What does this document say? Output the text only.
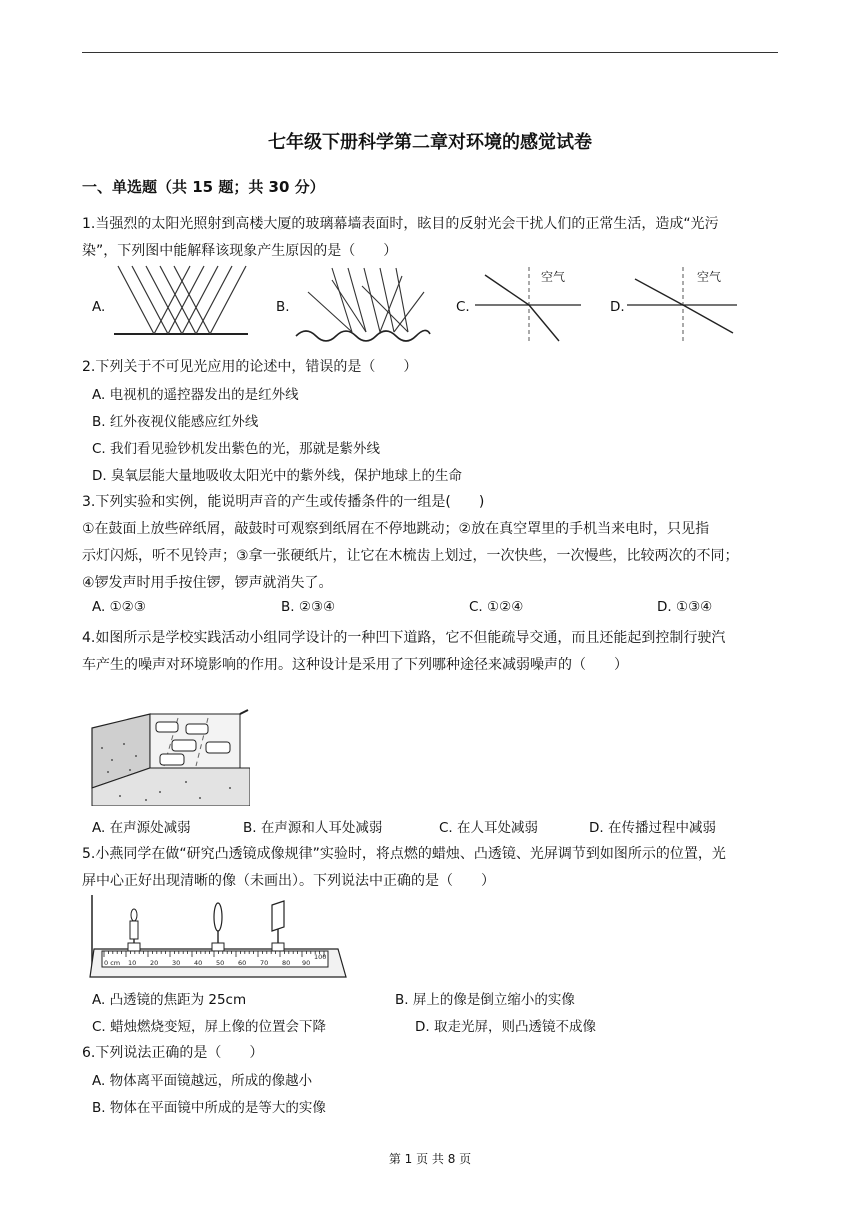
七年级下册科学第二章对环境的感觉试卷
一、单选题（共 15 题；共 30 分）
1.当强烈的太阳光照射到高楼大厦的玻璃幕墙表面时，眩目的反射光会干扰人们的正常生活，造成“光污
染”，下列图中能解释该现象产生原因的是（　　）
A.	B.	C.
空气
D.
空气
2.下列关于不可见光应用的论述中，错误的是（　　）
A. 电视机的遥控器发出的是红外线
B. 红外夜视仪能感应红外线
C. 我们看见验钞机发出紫色的光，那就是紫外线
D. 臭氧层能大量地吸收太阳光中的紫外线，保护地球上的生命
3.下列实验和实例，能说明声音的产生或传播条件的一组是(　　)
①在鼓面上放些碎纸屑，敲鼓时可观察到纸屑在不停地跳动；②放在真空罩里的手机当来电时，只见指
示灯闪烁，听不见铃声；③拿一张硬纸片，让它在木梳齿上划过，一次快些，一次慢些，比较两次的不同；
④锣发声时用手按住锣，锣声就消失了。
A. ①②③	B. ②③④	C. ①②④	D. ①③④
4.如图所示是学校实践活动小组同学设计的一种凹下道路，它不但能疏导交通，而且还能起到控制行驶汽
车产生的噪声对环境影响的作用。这种设计是采用了下列哪种途径来减弱噪声的（　　）
A. 在声源处减弱	B. 在声源和人耳处减弱	C. 在人耳处减弱	D. 在传播过程中减弱
5.小燕同学在做“研究凸透镜成像规律”实验时，将点燃的蜡烛、凸透镜、光屏调节到如图所示的位置，光
屏中心正好出现清晰的像（未画出）。下列说法中正确的是（　　）
0 cm 10 20 30 40 50 60 70 80 90
100
A. 凸透镜的焦距为 25cm	B. 屏上的像是倒立缩小的实像
C. 蜡烛燃烧变短，屏上像的位置会下降	D. 取走光屏，则凸透镜不成像
6.下列说法正确的是（　　）
A. 物体离平面镜越远，所成的像越小
B. 物体在平面镜中所成的是等大的实像
第 1 页 共 8 页
